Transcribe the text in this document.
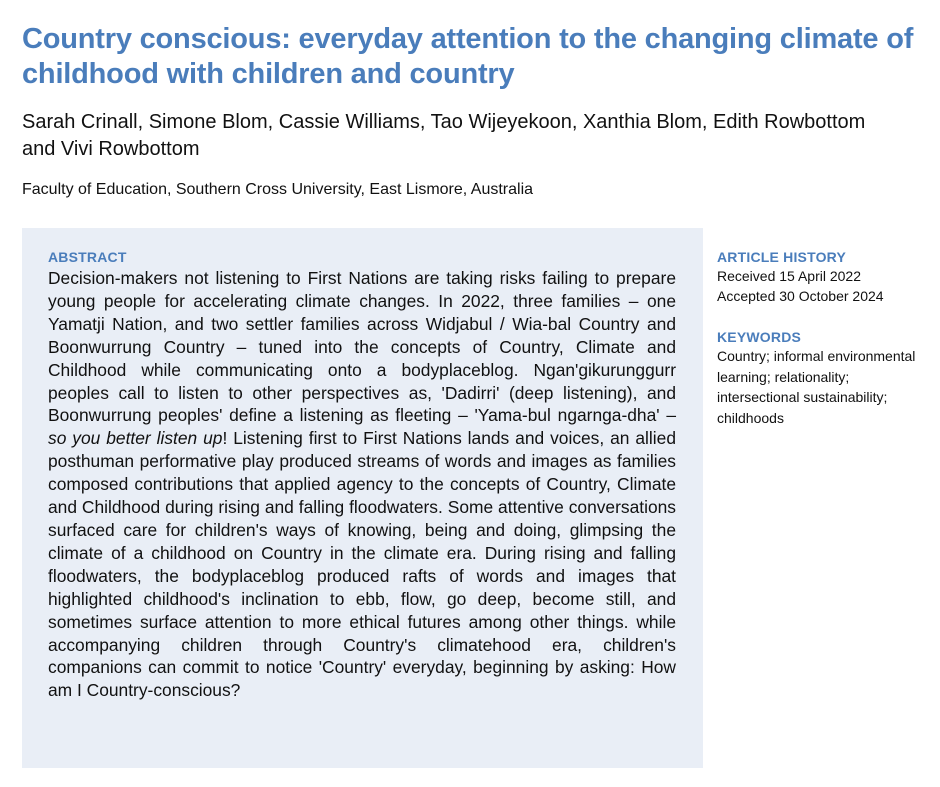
Country conscious: everyday attention to the changing climate of childhood with children and country

Sarah Crinall, Simone Blom, Cassie Williams, Tao Wijeyekoon, Xanthia Blom, Edith Rowbottom and Vivi Rowbottom

Faculty of Education, Southern Cross University, East Lismore, Australia

ABSTRACT

Decision-makers not listening to First Nations are taking risks failing to prepare young people for accelerating climate changes. In 2022, three families – one Yamatji Nation, and two settler families across Widjabul / Wia-bal Country and Boonwurrung Country – tuned into the concepts of Country, Climate and Childhood while communicating onto a bodyplaceblog. Ngan'gikurunggurr peoples call to listen to other perspectives as, 'Dadirri' (deep listening), and Boonwurrung peoples' define a listening as fleeting – 'Yama-bul ngarnga-dha' – so you better listen up! Listening first to First Nations lands and voices, an allied posthuman performative play produced streams of words and images as families composed contributions that applied agency to the concepts of Country, Climate and Childhood during rising and falling floodwaters. Some attentive conversations surfaced care for children's ways of knowing, being and doing, glimpsing the climate of a childhood on Country in the climate era. During rising and falling floodwaters, the bodyplaceblog produced rafts of words and images that highlighted childhood's inclination to ebb, flow, go deep, become still, and sometimes surface attention to more ethical futures among other things. while accompanying children through Country's climatehood era, children's companions can commit to notice 'Country' everyday, beginning by asking: How am I Country-conscious?

ARTICLE HISTORY
Received 15 April 2022
Accepted 30 October 2024
KEYWORDS
Country; informal environmental learning; relationality; intersectional sustainability; childhoods
